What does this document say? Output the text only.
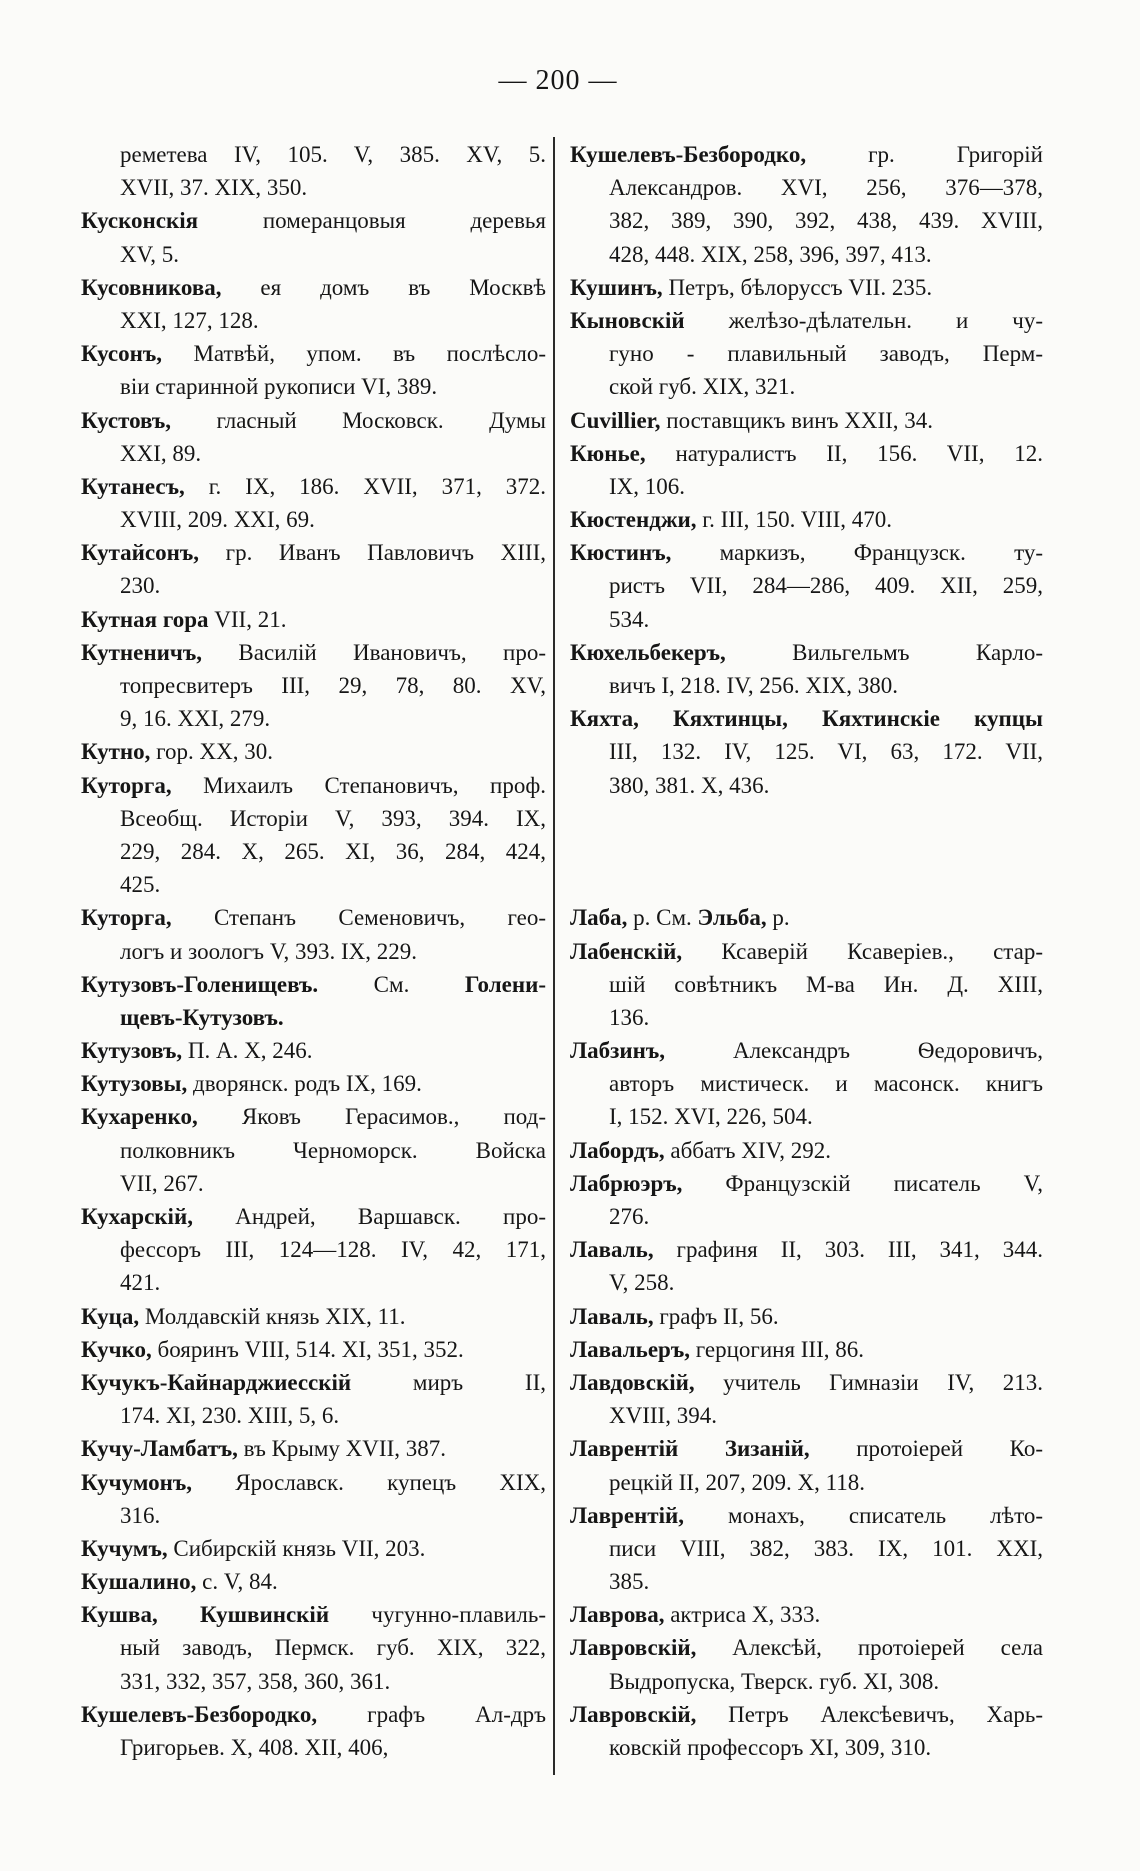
— 200 —
реметева IV, 105. V, 385. XV, 5.
XVII, 37. XIX, 350.
Кусконскія померанцовыя деревья
XV, 5.
Кусовникова, ея домъ въ Москвѣ
XXI, 127, 128.
Кусонъ, Матвѣй, упом. въ послѣсло-
віи старинной рукописи VI, 389.
Кустовъ, гласный Московск. Думы
XXI, 89.
Кутанесъ, г. IX, 186. XVII, 371, 372.
XVIII, 209. XXI, 69.
Кутайсонъ, гр. Иванъ Павловичъ XIII,
230.
Кутная гора VII, 21.
Кутненичъ, Василій Ивановичъ, про-
топресвитеръ III, 29, 78, 80. XV,
9, 16. XXI, 279.
Кутно, гор. XX, 30.
Куторга, Михаилъ Степановичъ, проф.
Всеобщ. Исторіи V, 393, 394. IX,
229, 284. X, 265. XI, 36, 284, 424,
425.
Куторга, Степанъ Семеновичъ, гео-
логъ и зоологъ V, 393. IX, 229.
Кутузовъ-Голенищевъ. См. Голени-
щевъ-Кутузовъ.
Кутузовъ, П. А. X, 246.
Кутузовы, дворянск. родъ IX, 169.
Кухаренко, Яковъ Герасимов., под-
полковникъ Черноморск. Войска
VII, 267.
Кухарскій, Андрей, Варшавск. про-
фессоръ III, 124—128. IV, 42, 171,
421.
Куца, Молдавскій князь XIX, 11.
Кучко, бояринъ VIII, 514. XI, 351, 352.
Кучукъ-Кайнарджиесскій миръ II,
174. XI, 230. XIII, 5, 6.
Кучу-Ламбатъ, въ Крыму XVII, 387.
Кучумонъ, Ярославск. купецъ XIX,
316.
Кучумъ, Сибирскій князь VII, 203.
Кушалино, с. V, 84.
Кушва, Кушвинскій чугунно-плавиль-
ный заводъ, Пермск. губ. XIX, 322,
331, 332, 357, 358, 360, 361.
Кушелевъ-Безбородко, графъ Ал-дръ
Григорьев. X, 408. XII, 406,
Кушелевъ-Безбородко, гр. Григорій
Александров. XVI, 256, 376—378,
382, 389, 390, 392, 438, 439. XVIII,
428, 448. XIX, 258, 396, 397, 413.
Кушинъ, Петръ, бѣлоруссъ VII. 235.
Кыновскій желѣзо-дѣлательн. и чу-
гуно - плавильный заводъ, Перм-
ской губ. XIX, 321.
Cuvillier, поставщикъ винъ XXII, 34.
Кюнье, натуралистъ II, 156. VII, 12.
IX, 106.
Кюстенджи, г. III, 150. VIII, 470.
Кюстинъ, маркизъ, Французск. ту-
ристъ VII, 284—286, 409. XII, 259,
534.
Кюхельбекеръ, Вильгельмъ Карло-
вичъ I, 218. IV, 256. XIX, 380.
Кяхта, Кяхтинцы, Кяхтинскіе купцы
III, 132. IV, 125. VI, 63, 172. VII,
380, 381. X, 436.
Лаба, р. См. Эльба, р.
Лабенскій, Ксаверій Ксаверіев., стар-
шій совѣтникъ М-ва Ин. Д. XIII,
136.
Лабзинъ, Александръ Ѳедоровичъ,
авторъ мистическ. и масонск. книгъ
I, 152. XVI, 226, 504.
Лабордъ, аббатъ XIV, 292.
Лабрюэръ, Французскій писатель V,
276.
Лаваль, графиня II, 303. III, 341, 344.
V, 258.
Лаваль, графъ II, 56.
Лавальеръ, герцогиня III, 86.
Лавдовскій, учитель Гимназіи IV, 213.
XVIII, 394.
Лаврентій Зизаній, протоіерей Ко-
рецкій II, 207, 209. X, 118.
Лаврентій, монахъ, списатель лѣто-
писи VIII, 382, 383. IX, 101. XXI,
385.
Лаврова, актриса X, 333.
Лавровскій, Алексѣй, протоіерей села
Выдропуска, Тверск. губ. XI, 308.
Лавровскій, Петръ Алексѣевичъ, Харь-
ковскій профессоръ XI, 309, 310.
